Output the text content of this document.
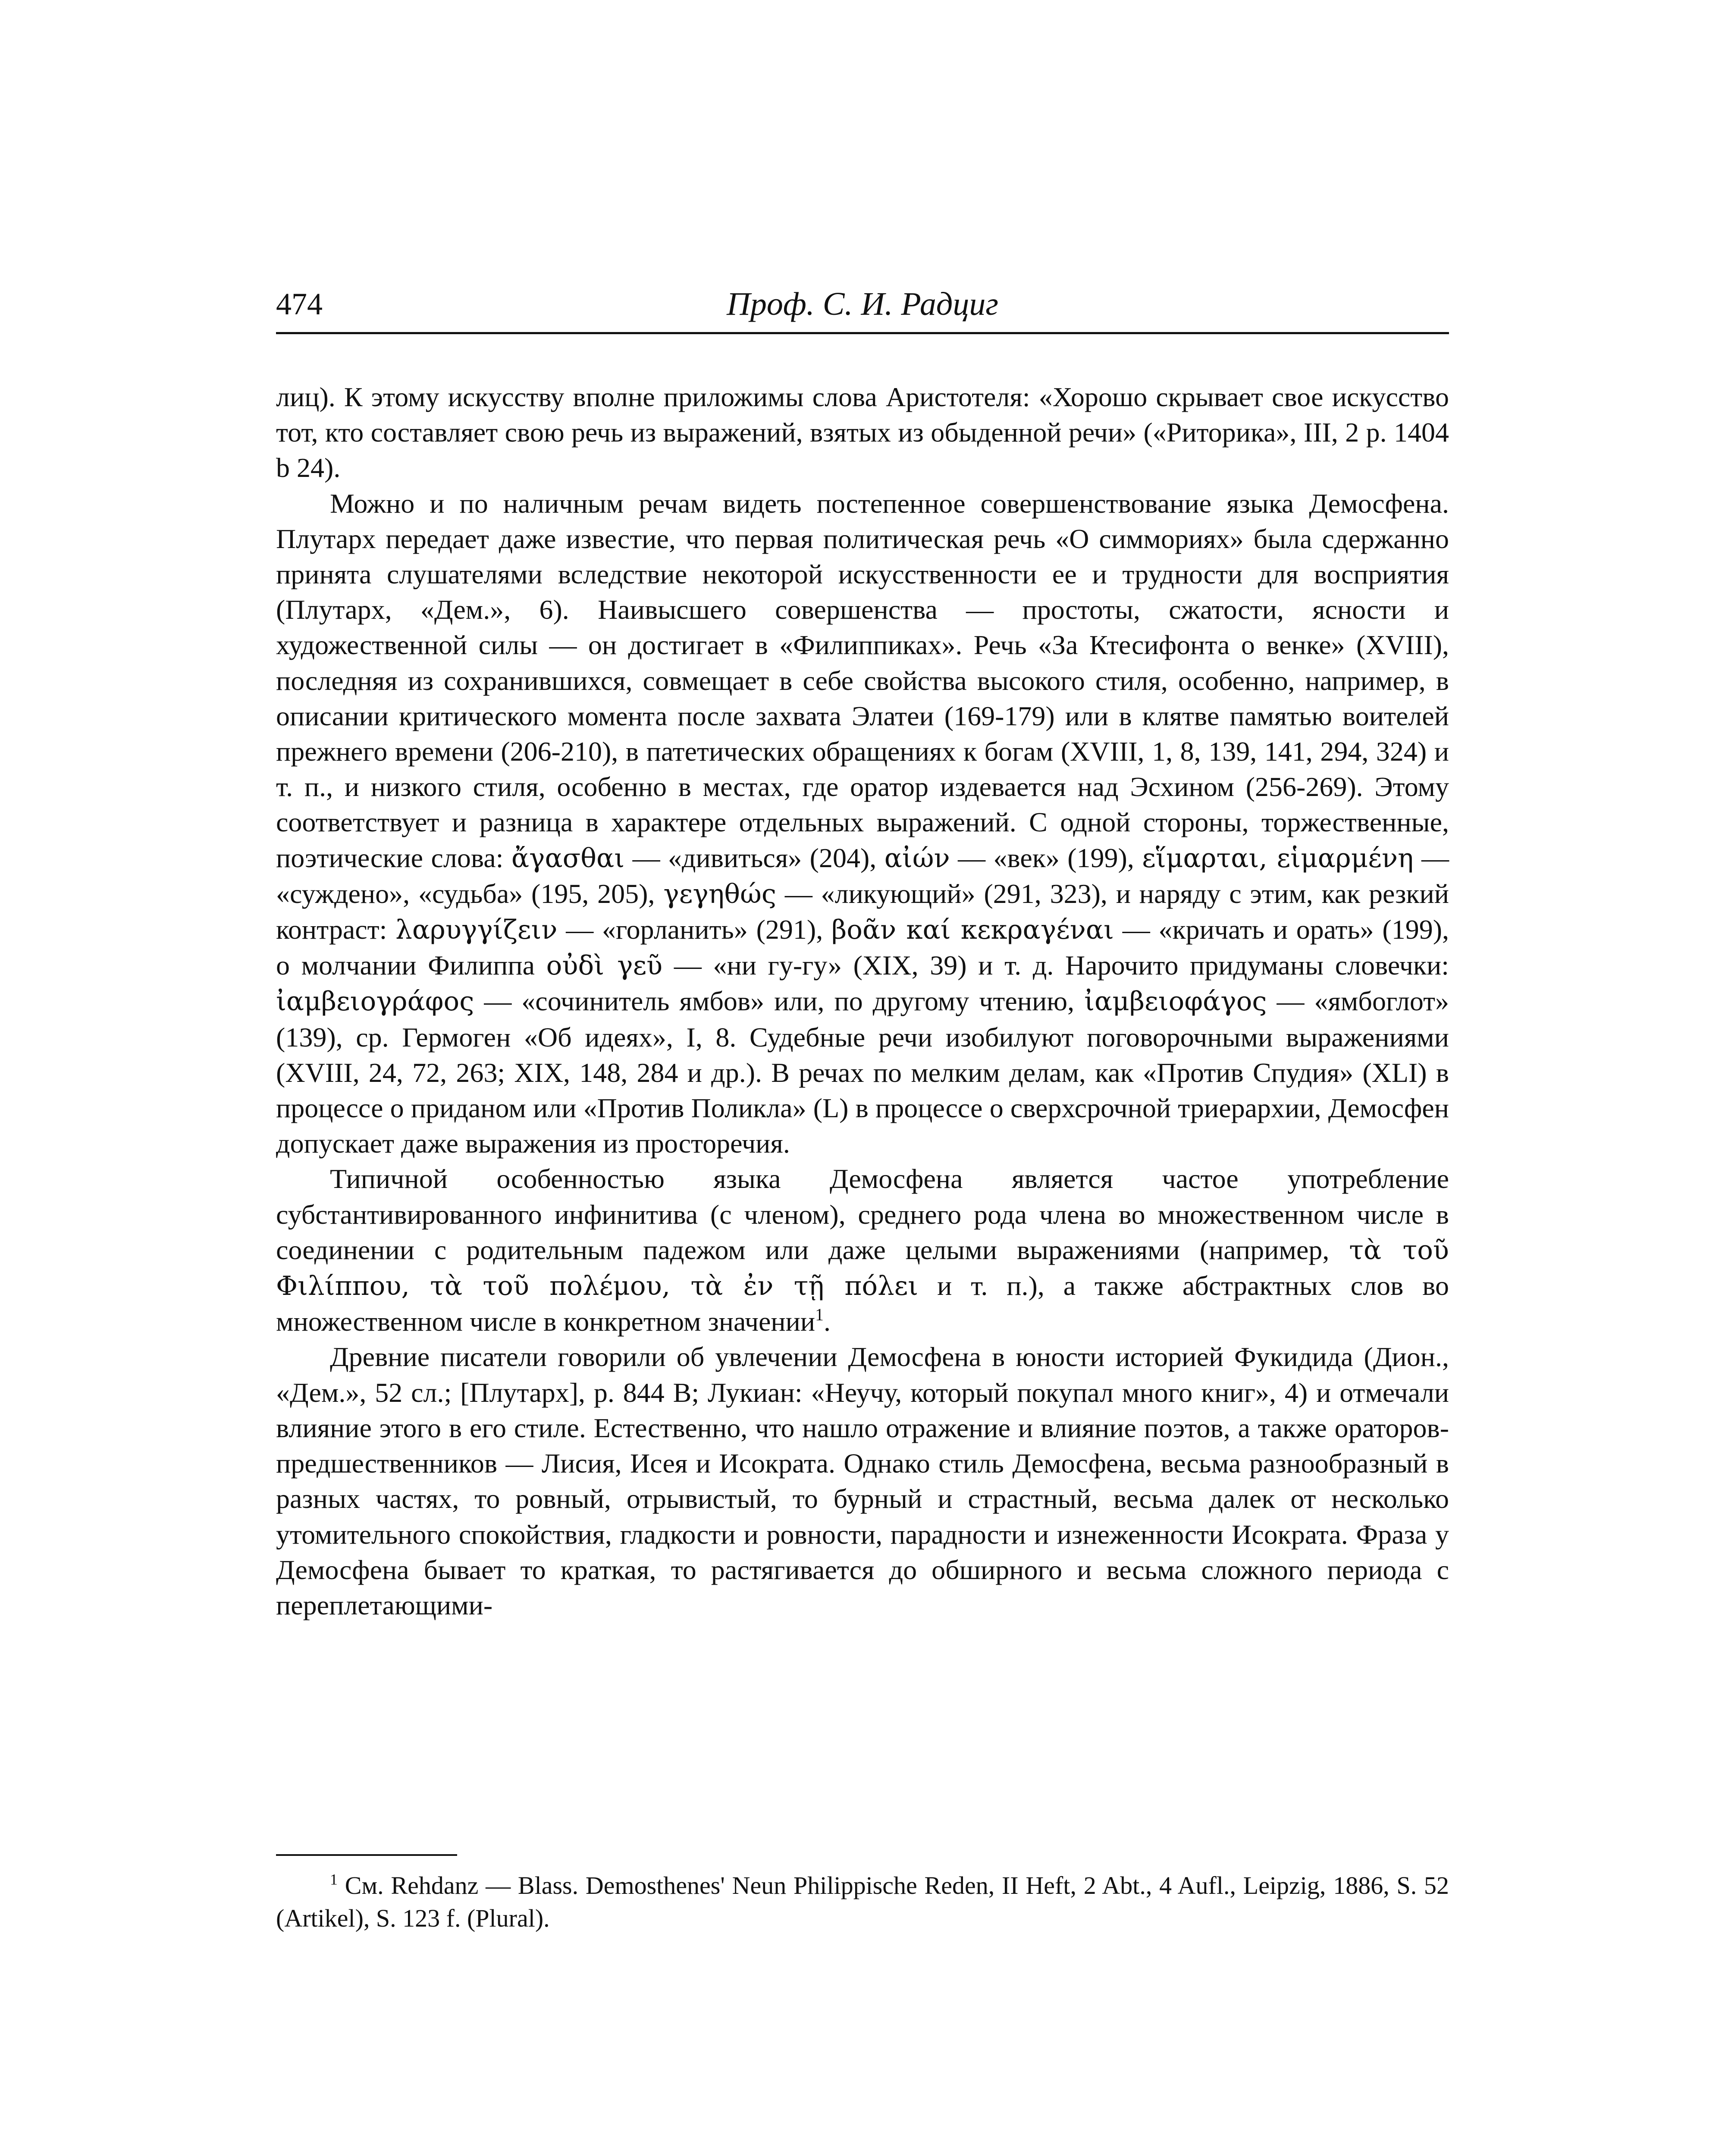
474	Проф. С. И. Радциг

лиц). К этому искусству вполне приложимы слова Аристотеля: «Хорошо скрывает свое искусство тот, кто составляет свою речь из выражений, взятых из обыденной речи» («Риторика», III, 2 p. 1404 b 24).

Можно и по наличным речам видеть постепенное совершенствование языка Демосфена. Плутарх передает даже известие, что первая политическая речь «О симмориях» была сдержанно принята слушателями вследствие некоторой искусственности ее и трудности для восприятия (Плутарх, «Дем.», 6). Наивысшего совершенства — простоты, сжатости, ясности и художественной силы — он достигает в «Филиппиках». Речь «За Ктесифонта о венке» (XVIII), последняя из сохранившихся, совмещает в себе свойства высокого стиля, особенно, например, в описании критического момента после захвата Элатеи (169-179) или в клятве памятью воителей прежнего времени (206-210), в патетических обращениях к богам (XVIII, 1, 8, 139, 141, 294, 324) и т. п., и низкого стиля, особенно в местах, где оратор издевается над Эсхином (256-269). Этому соответствует и разница в характере отдельных выражений. С одной стороны, торжественные, поэтические слова: ἄγασθαι — «дивиться» (204), αἰών — «век» (199), εἵμαρται, εἱμαρμένη — «суждено», «судьба» (195, 205), γεγηθώς — «ликующий» (291, 323), и наряду с этим, как резкий контраст: λαρυγγίζειν — «горланить» (291), βοᾶν καί κεκραγέναι — «кричать и орать» (199), о молчании Филиппа οὐδὶ γεῦ — «ни гу-гу» (XIX, 39) и т. д. Нарочито придуманы словечки: ἰαμβειογράφος — «сочинитель ямбов» или, по другому чтению, ἰαμβειοφάγος — «ямбоглот» (139), ср. Гермоген «Об идеях», I, 8. Судебные речи изобилуют поговорочными выражениями (XVIII, 24, 72, 263; XIX, 148, 284 и др.). В речах по мелким делам, как «Против Спудия» (XLI) в процессе о приданом или «Против Поликла» (L) в процессе о сверхсрочной триерархии, Демосфен допускает даже выражения из просторечия.

Типичной особенностью языка Демосфена является частое употребление субстантивированного инфинитива (с членом), среднего рода члена во множественном числе в соединении с родительным падежом или даже целыми выражениями (например, τὰ τοῦ Φιλίππου, τὰ τοῦ πολέμου, τὰ ἐν τῇ πόλει и т. п.), а также абстрактных слов во множественном числе в конкретном значении$^1$.

Древние писатели говорили об увлечении Демосфена в юности историей Фукидида (Дион., «Дем.», 52 сл.; [Плутарх], p. 844 B; Лукиан: «Неучу, который покупал много книг», 4) и отмечали влияние этого в его стиле. Естественно, что нашло отражение и влияние поэтов, а также ораторов-предшественников — Лисия, Исея и Исократа. Однако стиль Демосфена, весьма разнообразный в разных частях, то ровный, отрывистый, то бурный и страстный, весьма далек от несколько утомительного спокойствия, гладкости и ровности, парадности и изнеженности Исократа. Фраза у Демосфена бывает то краткая, то растягивается до обширного и весьма сложного периода с переплетающими-

$^1$ См. Rehdanz — Blass. Demosthenes' Neun Philippische Reden, II Heft, 2 Abt., 4 Aufl., Leipzig, 1886, S. 52 (Artikel), S. 123 f. (Plural).
